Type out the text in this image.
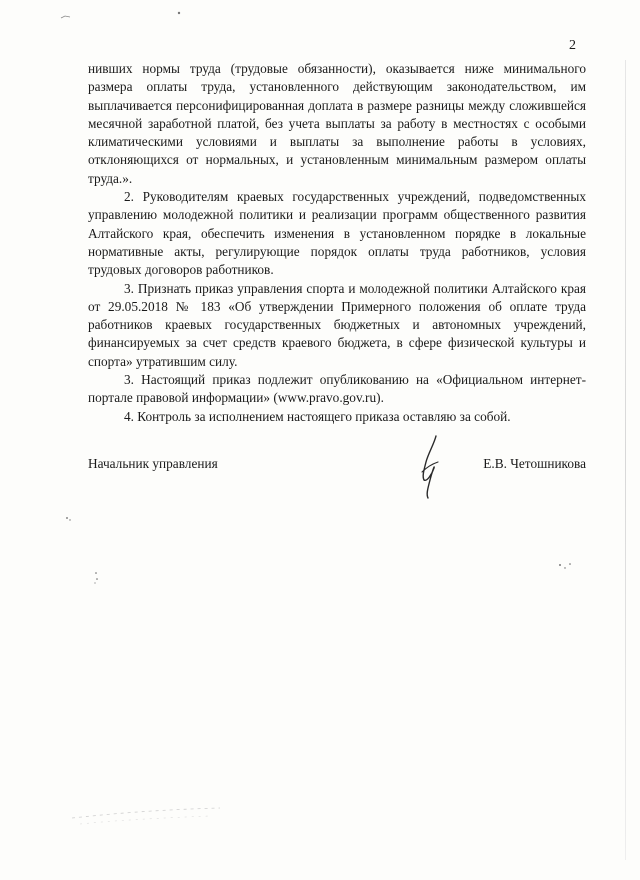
2

нивших нормы труда (трудовые обязанности), оказывается ниже минимального размера оплаты труда, установленного действующим законодательством, им выплачивается персонифицированная доплата в размере разницы между сложившейся месячной заработной платой, без учета выплаты за работу в местностях с особыми климатическими условиями и выплаты за выполнение работы в условиях, отклоняющихся от нормальных, и установленным минимальным размером оплаты труда.».

2. Руководителям краевых государственных учреждений, подведомственных управлению молодежной политики и реализации программ общественного развития Алтайского края, обеспечить изменения в установленном порядке в локальные нормативные акты, регулирующие порядок оплаты труда работников, условия трудовых договоров работников.

3. Признать приказ управления спорта и молодежной политики Алтайского края от 29.05.2018 № 183 «Об утверждении Примерного положения об оплате труда работников краевых государственных бюджетных и автономных учреждений, финансируемых за счет средств краевого бюджета, в сфере физической культуры и спорта» утратившим силу.

3. Настоящий приказ подлежит опубликованию на «Официальном интернет-портале правовой информации» (www.pravo.gov.ru).

4. Контроль за исполнением настоящего приказа оставляю за собой.

Начальник управления	Е.В. Четошникова
